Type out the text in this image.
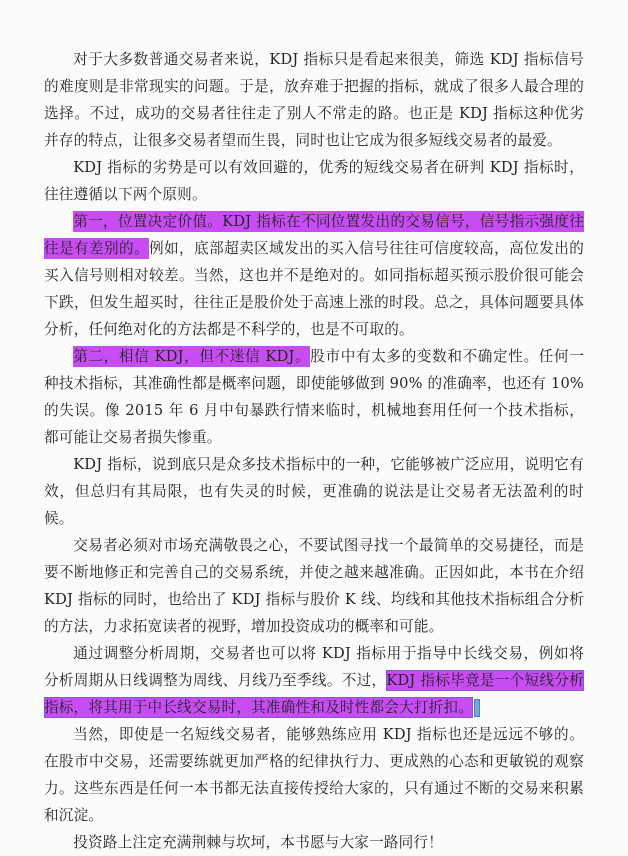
对于大多数普通交易者来说，KDJ 指标只是看起来很美，筛选 KDJ 指标信号的难度则是非常现实的问题。于是，放弃难于把握的指标，就成了很多人最合理的选择。不过，成功的交易者往往走了别人不常走的路。也正是 KDJ 指标这种优劣并存的特点，让很多交易者望而生畏，同时也让它成为很多短线交易者的最爱。

KDJ 指标的劣势是可以有效回避的，优秀的短线交易者在研判 KDJ 指标时，往往遵循以下两个原则。

第一，位置决定价值。KDJ 指标在不同位置发出的交易信号，信号指示强度往往是有差别的。例如，底部超卖区域发出的买入信号往往可信度较高，高位发出的买入信号则相对较差。当然，这也并不是绝对的。如同指标超买预示股价很可能会下跌，但发生超买时，往往正是股价处于高速上涨的时段。总之，具体问题要具体分析，任何绝对化的方法都是不科学的，也是不可取的。

第二，相信 KDJ，但不迷信 KDJ。股市中有太多的变数和不确定性。任何一种技术指标，其准确性都是概率问题，即使能够做到 90% 的准确率，也还有 10% 的失误。像 2015 年 6 月中旬暴跌行情来临时，机械地套用任何一个技术指标，都可能让交易者损失惨重。

KDJ 指标，说到底只是众多技术指标中的一种，它能够被广泛应用，说明它有效，但总归有其局限，也有失灵的时候，更准确的说法是让交易者无法盈利的时候。

交易者必须对市场充满敬畏之心，不要试图寻找一个最简单的交易捷径，而是要不断地修正和完善自己的交易系统，并使之越来越准确。正因如此，本书在介绍 KDJ 指标的同时，也给出了 KDJ 指标与股价 K 线、均线和其他技术指标组合分析的方法，力求拓宽读者的视野，增加投资成功的概率和可能。

通过调整分析周期，交易者也可以将 KDJ 指标用于指导中长线交易，例如将分析周期从日线调整为周线、月线乃至季线。不过，KDJ 指标毕竟是一个短线分析指标，将其用于中长线交易时，其准确性和及时性都会大打折扣。

当然，即使是一名短线交易者，能够熟练应用 KDJ 指标也还是远远不够的。在股市中交易，还需要练就更加严格的纪律执行力、更成熟的心态和更敏锐的观察力。这些东西是任何一本书都无法直接传授给大家的，只有通过不断的交易来积累和沉淀。

投资路上注定充满荆棘与坎坷，本书愿与大家一路同行！
